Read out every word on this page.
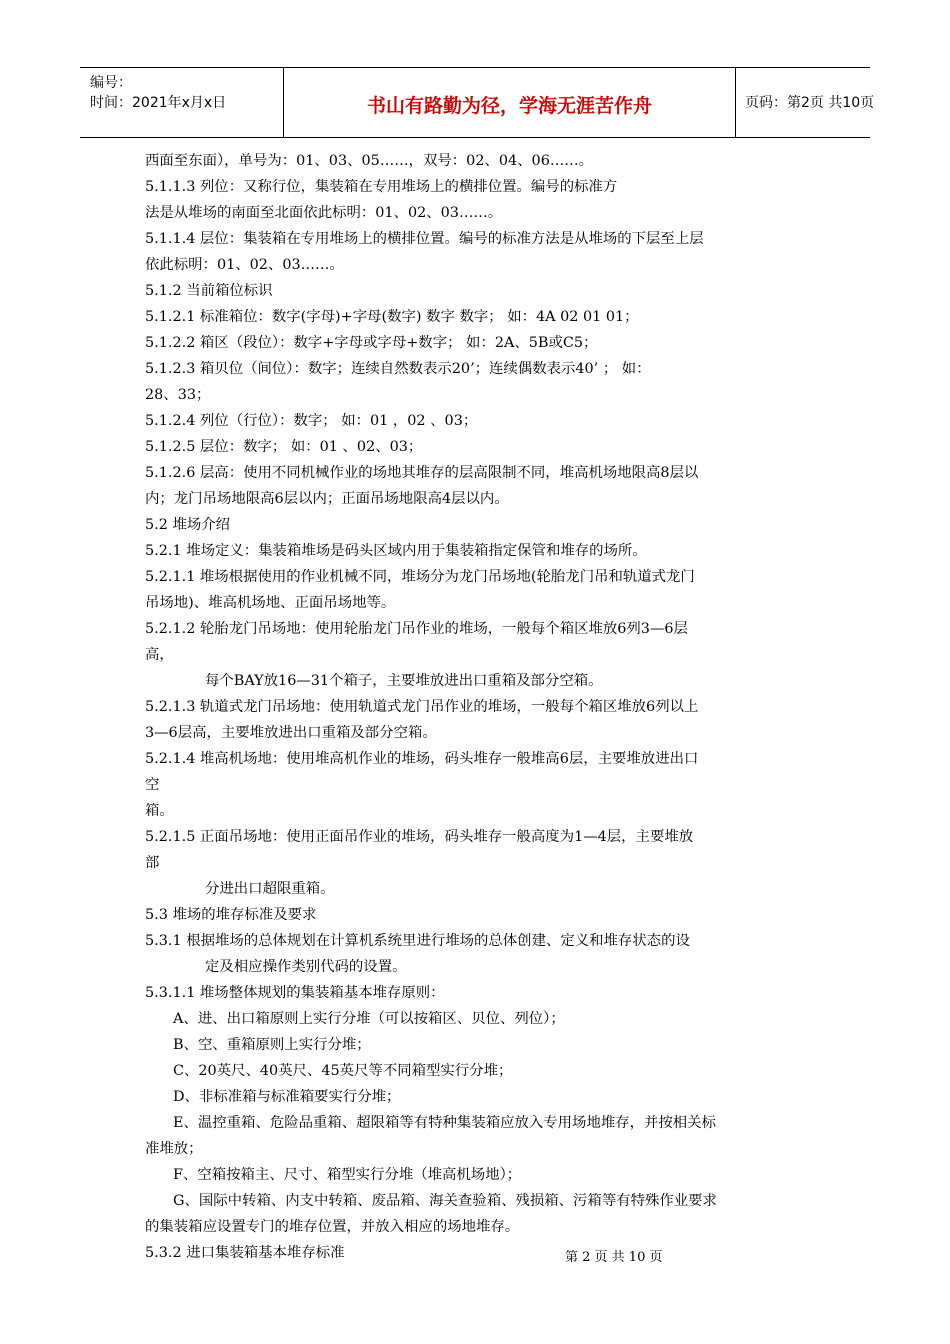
编号：
时间：2021年x月x日	书山有路勤为径，学海无涯苦作舟	页码：第2页 共10页
西面至东面），单号为：01、03、05……，双号：02、04、06……。
5.1.1.3 列位：又称行位，集装箱在专用堆场上的横排位置。编号的标准方
法是从堆场的南面至北面依此标明：01、02、03……。
5.1.1.4 层位：集装箱在专用堆场上的横排位置。编号的标准方法是从堆场的下层至上层
依此标明：01、02、03……。
5.1.2 当前箱位标识
5.1.2.1 标准箱位：数字(字母)+字母(数字) 数字 数字； 如：4A 02 01 01；
5.1.2.2 箱区（段位）：数字+字母或字母+数字； 如：2A、5B或C5；
5.1.2.3 箱贝位（间位）：数字；连续自然数表示20’；连续偶数表示40’ ； 如：
28、33；
5.1.2.4 列位（行位）：数字； 如：01 ，02 、03；
5.1.2.5 层位：数字； 如：01 、02、03；
5.1.2.6 层高：使用不同机械作业的场地其堆存的层高限制不同，堆高机场地限高8层以
内；龙门吊场地限高6层以内；正面吊场地限高4层以内。
5.2 堆场介绍
5.2.1 堆场定义：集装箱堆场是码头区域内用于集装箱指定保管和堆存的场所。
5.2.1.1 堆场根据使用的作业机械不同，堆场分为龙门吊场地(轮胎龙门吊和轨道式龙门
吊场地)、堆高机场地、正面吊场地等。
5.2.1.2 轮胎龙门吊场地：使用轮胎龙门吊作业的堆场，一般每个箱区堆放6列3—6层
高，
每个BAY放16—31个箱子，主要堆放进出口重箱及部分空箱。
5.2.1.3 轨道式龙门吊场地：使用轨道式龙门吊作业的堆场，一般每个箱区堆放6列以上
3—6层高，主要堆放进出口重箱及部分空箱。
5.2.1.4 堆高机场地：使用堆高机作业的堆场，码头堆存一般堆高6层，主要堆放进出口
空
箱。
5.2.1.5 正面吊场地：使用正面吊作业的堆场，码头堆存一般高度为1—4层，主要堆放
部
分进出口超限重箱。
5.3 堆场的堆存标准及要求
5.3.1 根据堆场的总体规划在计算机系统里进行堆场的总体创建、定义和堆存状态的设
定及相应操作类别代码的设置。
5.3.1.1 堆场整体规划的集装箱基本堆存原则：
A、进、出口箱原则上实行分堆（可以按箱区、贝位、列位）；
B、空、重箱原则上实行分堆；
C、20英尺、40英尺、45英尺等不同箱型实行分堆；
D、非标准箱与标准箱要实行分堆；
E、温控重箱、危险品重箱、超限箱等有特种集装箱应放入专用场地堆存，并按相关标
准堆放；
F、空箱按箱主、尺寸、箱型实行分堆（堆高机场地）；
G、国际中转箱、内支中转箱、废品箱、海关查验箱、残损箱、污箱等有特殊作业要求
的集装箱应设置专门的堆存位置，并放入相应的场地堆存。
5.3.2 进口集装箱基本堆存标准	第 2 页 共 10 页
